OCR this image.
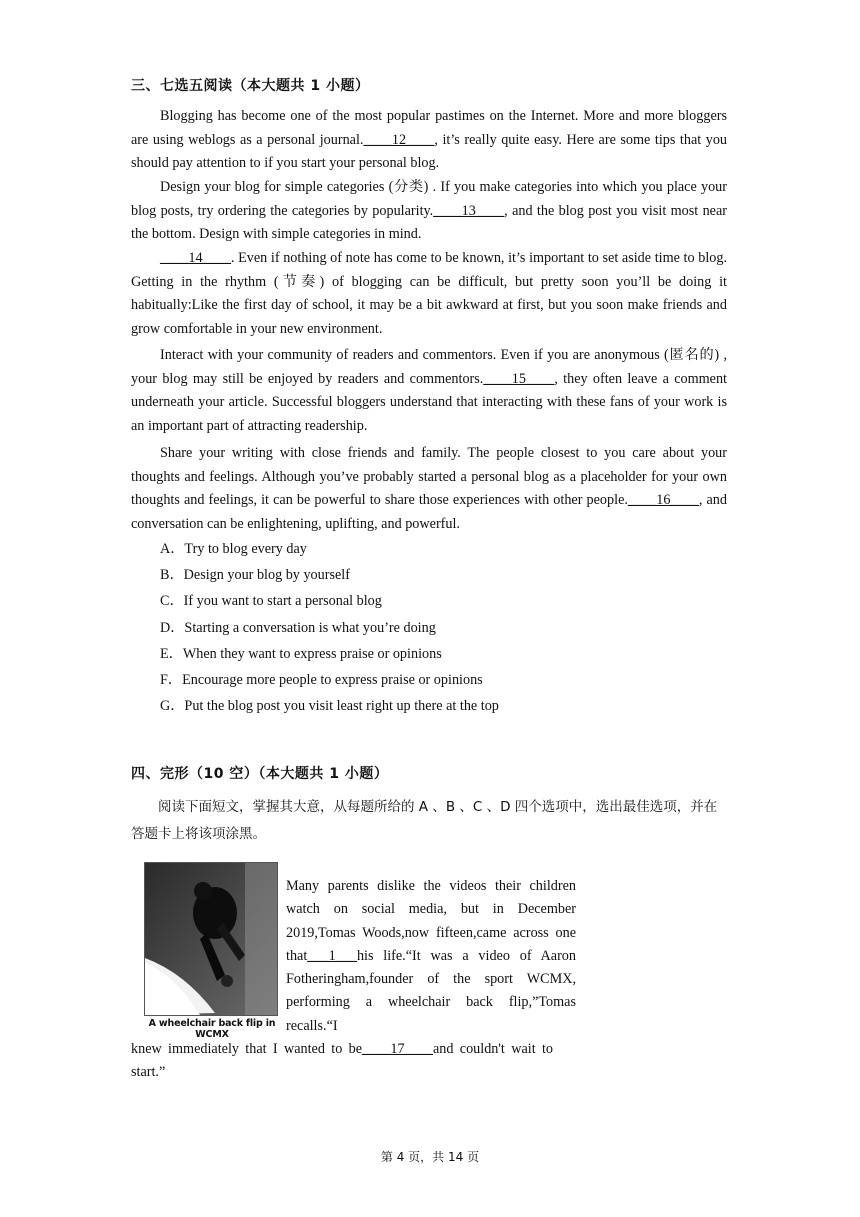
三、七选五阅读（本大题共 1 小题）

Blogging has become one of the most popular pastimes on the Internet. More and more bloggers are using weblogs as a personal journal.____12____, it’s really quite easy. Here are some tips that you should pay attention to if you start your personal blog.

Design your blog for simple categories (分类) . If you make categories into which you place your blog posts, try ordering the categories by popularity.____13____, and the blog post you visit most near the bottom. Design with simple categories in mind.

____14____. Even if nothing of note has come to be known, it’s important to set aside time to blog. Getting in the rhythm (节奏) of blogging can be difficult, but pretty soon you’ll be doing it habitually:Like the first day of school, it may be a bit awkward at first, but you soon make friends and grow comfortable in your new environment.

Interact with your community of readers and commentors. Even if you are anonymous (匿名的) , your blog may still be enjoyed by readers and commentors.____15____, they often leave a comment underneath your article. Successful bloggers understand that interacting with these fans of your work is an important part of attracting readership.

Share your writing with close friends and family. The people closest to you care about your thoughts and feelings. Although you’ve probably started a personal blog as a placeholder for your own thoughts and feelings, it can be powerful to share those experiences with other people.____16____, and conversation can be enlightening, uplifting, and powerful.

A．Try to blog every day
B．Design your blog by yourself
C．If you want to start a personal blog
D．Starting a conversation is what you’re doing
E．When they want to express praise or opinions
F．Encourage more people to express praise or opinions
G．Put the blog post you visit least right up there at the top
四、完形（10 空）（本大题共 1 小题）

阅读下面短文，掌握其大意，从每题所给的 A 、B 、C 、D 四个选项中，选出最佳选项，并在答题卡上将该项涂黑。

A wheelchair back flip in WCMX

Many parents dislike the videos their children watch on social media, but in December 2019,Tomas Woods,now fifteen,came across one that___1___his life.“It was a video of Aaron Fotheringham,founder of the sport WCMX, performing a wheelchair back flip,”Tomas recalls.“I

knew immediately that I wanted to be____17____and couldn't wait to start.”

第 4 页，共 14 页
